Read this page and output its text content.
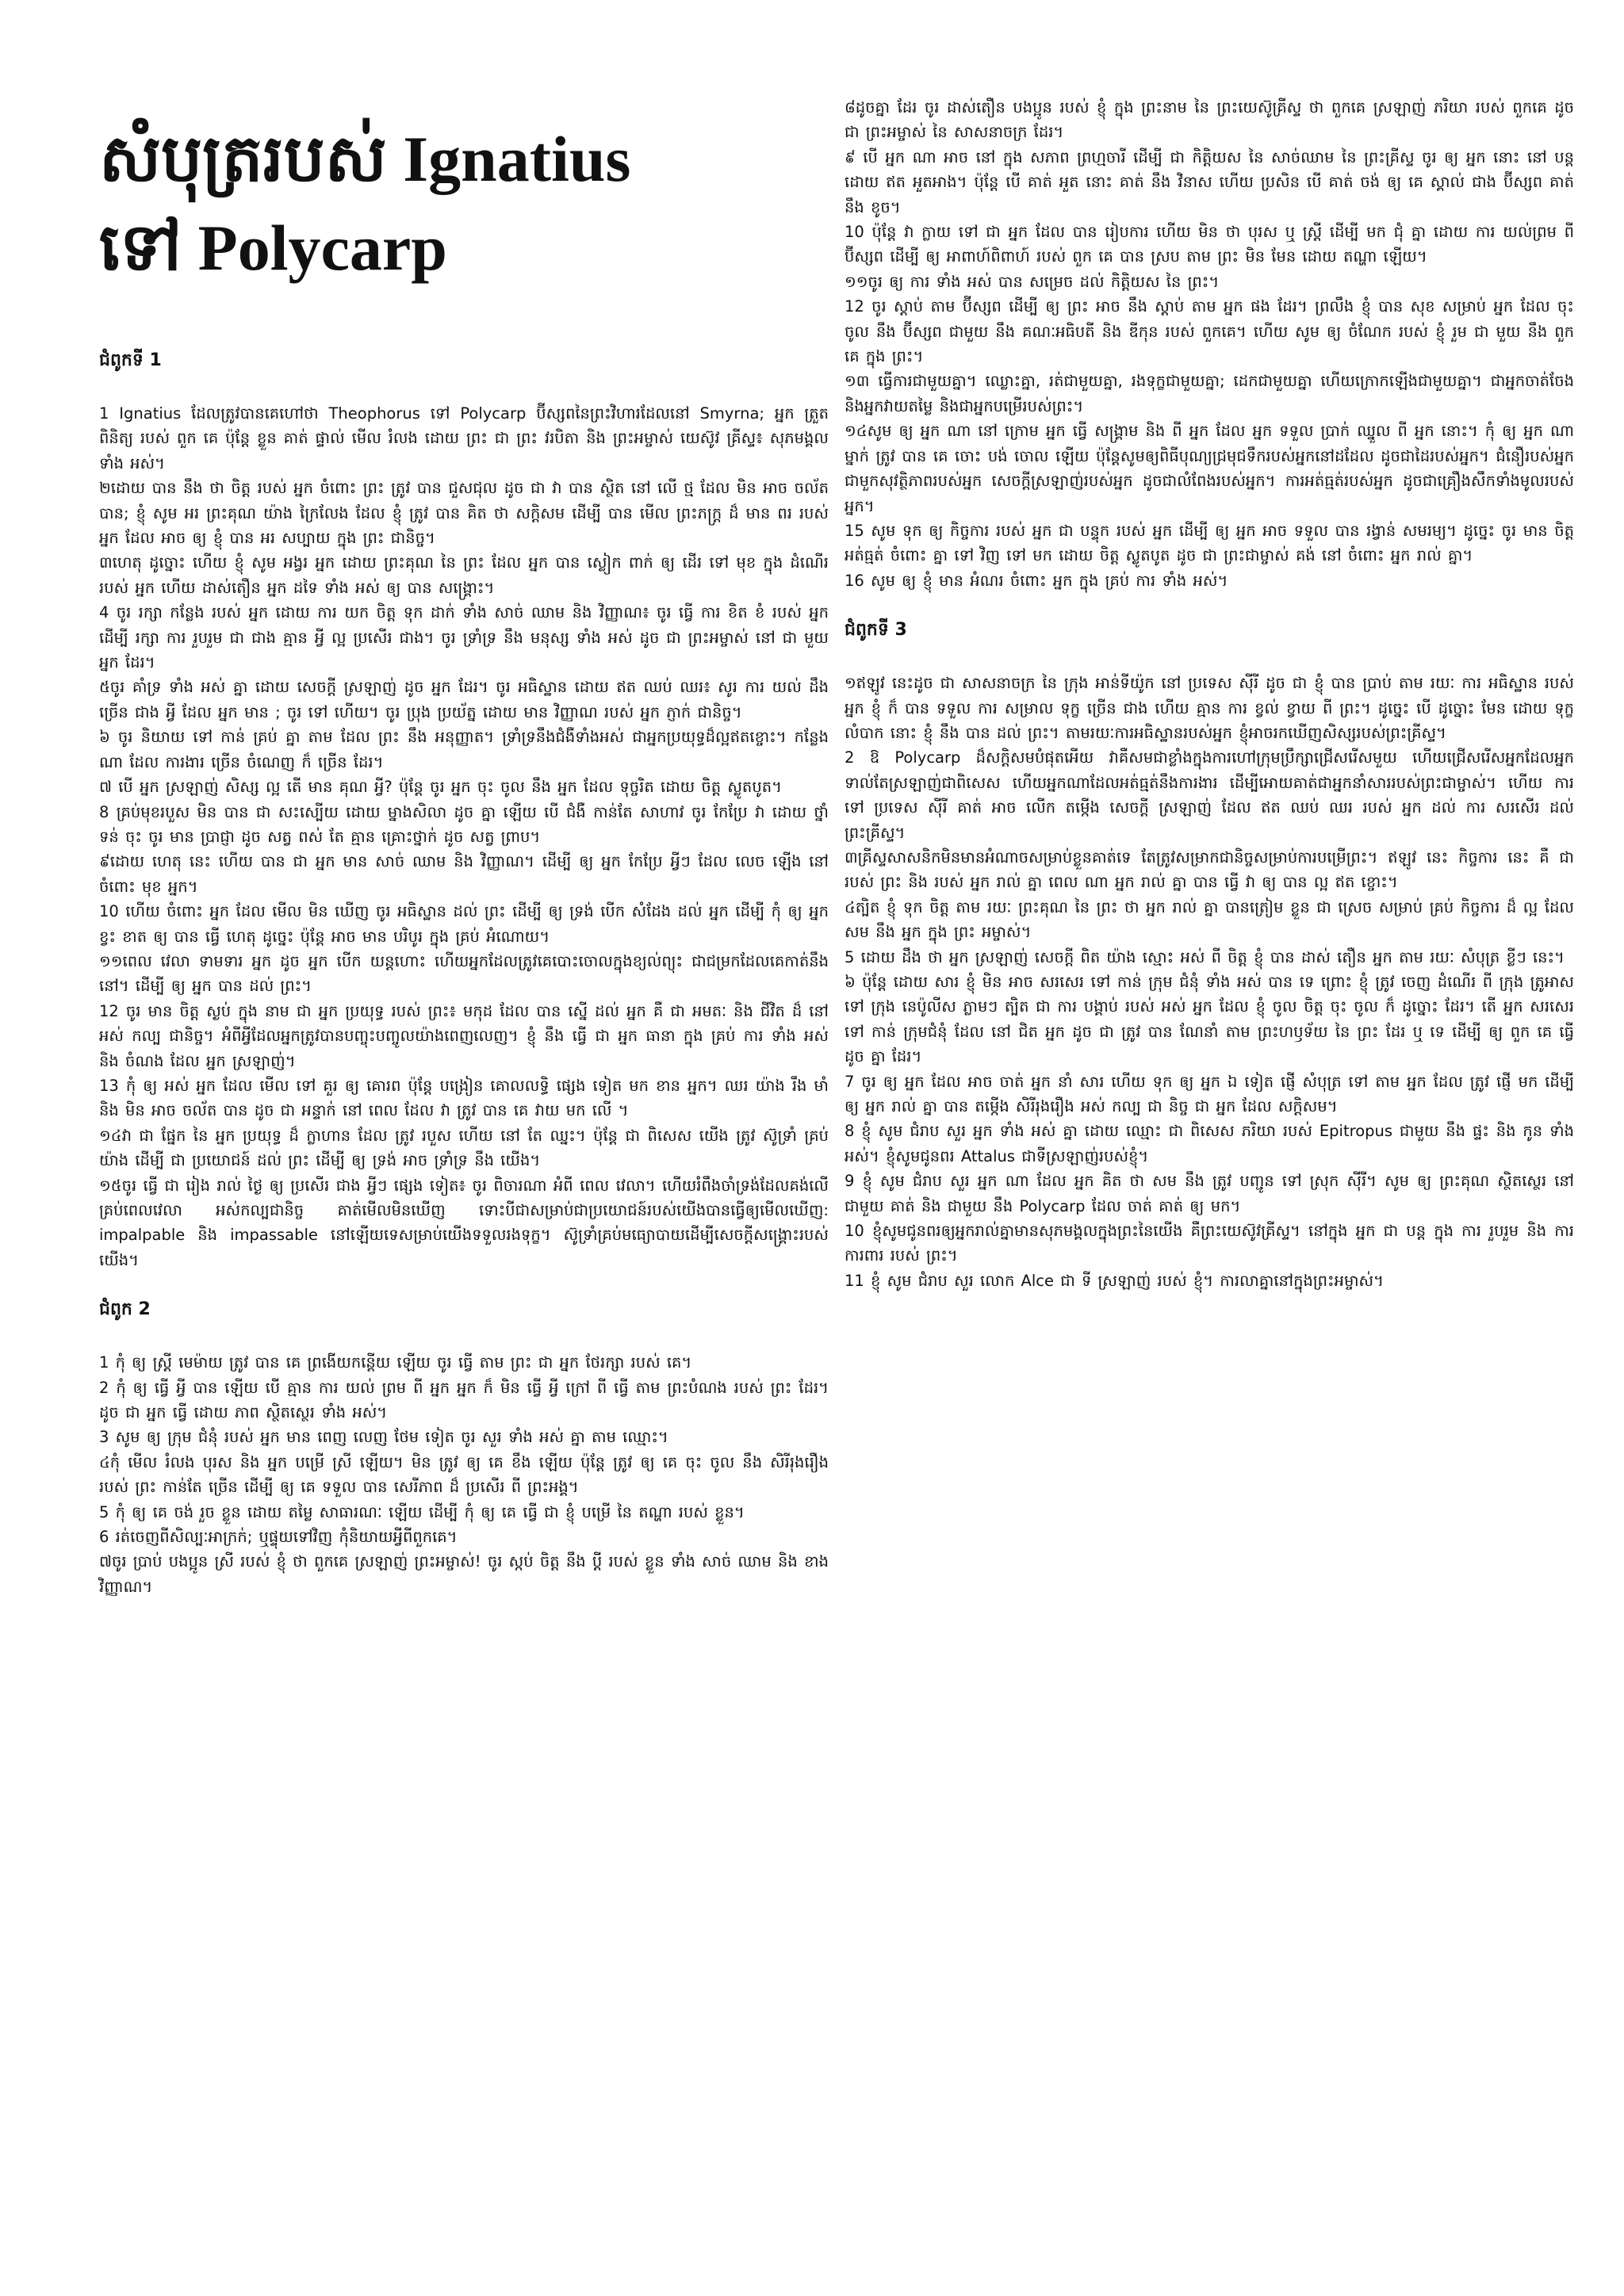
សំបុត្ររបស់ Ignatius
ទៅ Polycarp
ជំពូកទី 1

1 Ignatius ដែលត្រូវបានគេហៅថា Theophorus ទៅ Polycarp ប៊ីស្សពនៃព្រះវិហារដែលនៅ Smyrna; អ្នក ត្រួត ពិនិត្យ របស់ ពួក គេ ប៉ុន្តែ ខ្លួន គាត់ ផ្ទាល់ មើល រំលង ដោយ ព្រះ ជា ព្រះ វរបិតា និង ព្រះអម្ចាស់ យេស៊ូវ គ្រីស្ទ៖ សុភមង្គល ទាំង អស់។

២ដោយ បាន នឹង ថា ចិត្ត របស់ អ្នក ចំពោះ ព្រះ ត្រូវ បាន ជួសជុល ដូច ជា វា បាន ស្ថិត នៅ លើ ថ្ម ដែល មិន អាច ចល័ត បាន; ខ្ញុំ សូម អរ ព្រះគុណ យ៉ាង ក្រៃលែង ដែល ខ្ញុំ ត្រូវ បាន គិត ថា សក្តិសម ដើម្បី បាន មើល ព្រះភក្ត្រ ដ៏ មាន ពរ របស់ អ្នក ដែល អាច ឲ្យ ខ្ញុំ បាន អរ សប្បាយ ក្នុង ព្រះ ជានិច្ច។

៣ហេតុ ដូច្នោះ ហើយ ខ្ញុំ សូម អង្វរ អ្នក ដោយ ព្រះគុណ នៃ ព្រះ ដែល អ្នក បាន ស្លៀក ពាក់ ឲ្យ ដើរ ទៅ មុខ ក្នុង ដំណើរ របស់ អ្នក ហើយ ដាស់តឿន អ្នក ដទៃ ទាំង អស់ ឲ្យ បាន សង្គ្រោះ។

4 ចូរ រក្សា កន្លែង របស់ អ្នក ដោយ ការ យក ចិត្ត ទុក ដាក់ ទាំង សាច់ ឈាម និង វិញ្ញាណ៖ ចូរ ធ្វើ ការ ខិត ខំ របស់ អ្នក ដើម្បី រក្សា ការ រួបរួម ជា ជាង គ្មាន អ្វី ល្អ ប្រសើរ ជាង។ ចូរ ទ្រាំទ្រ នឹង មនុស្ស ទាំង អស់ ដូច ជា ព្រះអម្ចាស់ នៅ ជា មួយ អ្នក ដែរ។

៥ចូរ គាំទ្រ ទាំង អស់ គ្នា ដោយ សេចក្តី ស្រឡាញ់ ដូច អ្នក ដែរ។ ចូរ អធិស្ឋាន ដោយ ឥត ឈប់ ឈរ៖ សូរ ការ យល់ ដឹង ច្រើន ជាង អ្វី ដែល អ្នក មាន ; ចូរ ទៅ ហើយ។ ចូរ ប្រុង ប្រយ័ត្ន ដោយ មាន វិញ្ញាណ របស់ អ្នក ភ្ញាក់ ជានិច្ច។

៦ ចូរ និយាយ ទៅ កាន់ គ្រប់ គ្នា តាម ដែល ព្រះ នឹង អនុញ្ញាត។ ទ្រាំទ្រនឹងជំងឺទាំងអស់ ជាអ្នកប្រយុទ្ធដ៏ល្អឥតខ្ចោះ។ កន្លែង ណា ដែល ការងារ ច្រើន ចំណេញ ក៏ ច្រើន ដែរ។

៧ បើ អ្នក ស្រឡាញ់ សិស្ស ល្អ តើ មាន គុណ អ្វី? ប៉ុន្តែ ចូរ អ្នក ចុះ ចូល នឹង អ្នក ដែល ទុច្ចរិត ដោយ ចិត្ត ស្លូតបូត។

8 គ្រប់មុខរបួស មិន បាន ជា សះស្បើយ ដោយ ម្នាងសិលា ដូច គ្នា ឡើយ បើ ជំងឺ កាន់តែ សាហាវ ចូរ កែប្រែ វា ដោយ ថ្នាំ ទន់ ចុះ ចូរ មាន ប្រាជ្ញា ដូច សត្វ ពស់ តែ គ្មាន គ្រោះថ្នាក់ ដូច សត្វ ព្រាប។

៩ដោយ ហេតុ នេះ ហើយ បាន ជា អ្នក មាន សាច់ ឈាម និង វិញ្ញាណ។ ដើម្បី ឲ្យ អ្នក កែប្រែ អ្វីៗ ដែល លេច ឡើង នៅ ចំពោះ មុខ អ្នក។

10 ហើយ ចំពោះ អ្នក ដែល មើល មិន ឃើញ ចូរ អធិស្ឋាន ដល់ ព្រះ ដើម្បី ឲ្យ ទ្រង់ បើក សំដែង ដល់ អ្នក ដើម្បី កុំ ឲ្យ អ្នក ខ្វះ ខាត ឲ្យ បាន ធ្វើ ហេតុ ដូច្នេះ ប៉ុន្តែ អាច មាន បរិបូរ ក្នុង គ្រប់ អំណោយ។

១១ពេល វេលា ទាមទារ អ្នក ដូច អ្នក បើក យន្តហោះ ហើយអ្នកដែលត្រូវគេបោះចោលក្នុងខ្យល់ព្យុះ ជាជម្រកដែលគេកាត់នឹងនៅ។ ដើម្បី ឲ្យ អ្នក បាន ដល់ ព្រះ។

12 ចូរ មាន ចិត្ត ស្ងប់ ក្នុង នាម ជា អ្នក ប្រយុទ្ធ របស់ ព្រះ៖ មកុដ ដែល បាន ស្នើ ដល់ អ្នក គឺ ជា អមតៈ និង ជីវិត ដ៏ នៅ អស់ កល្ប ជានិច្ច។ អំពីអ្វីដែលអ្នកត្រូវបានបញ្ចុះបញ្ចូលយ៉ាងពេញលេញ។ ខ្ញុំ នឹង ធ្វើ ជា អ្នក ធានា ក្នុង គ្រប់ ការ ទាំង អស់ និង ចំណង ដែល អ្នក ស្រឡាញ់។

13 កុំ ឲ្យ អស់ អ្នក ដែល មើល ទៅ គួរ ឲ្យ គោរព ប៉ុន្តែ បង្រៀន គោលលទ្ធិ ផ្សេង ទៀត មក ខាន អ្នក។ ឈរ យ៉ាង រឹង មាំ និង មិន អាច ចល័ត បាន ដូច ជា អន្ទាក់ នៅ ពេល ដែល វា ត្រូវ បាន គេ វាយ មក លើ ។

១៤វា ជា ផ្នែក នៃ អ្នក ប្រយុទ្ធ ដ៏ ក្លាហាន ដែល ត្រូវ របួស ហើយ នៅ តែ ឈ្នះ។ ប៉ុន្តែ ជា ពិសេស យើង ត្រូវ ស៊ូទ្រាំ គ្រប់ យ៉ាង ដើម្បី ជា ប្រយោជន៍ ដល់ ព្រះ ដើម្បី ឲ្យ ទ្រង់ អាច ទ្រាំទ្រ នឹង យើង។

១៥ចូរ ធ្វើ ជា រៀង រាល់ ថ្ងៃ ឲ្យ ប្រសើរ ជាង អ្វីៗ ផ្សេង ទៀត៖ ចូរ ពិចារណា អំពី ពេល វេលា។ ហើយរំពឹងចាំទ្រង់ដែលគង់លើគ្រប់ពេលវេលា អស់កល្បជានិច្ច គាត់មើលមិនឃើញ ទោះបីជាសម្រាប់ជាប្រយោជន៍របស់យើងបានធ្វើឲ្យមើលឃើញ: impalpable និង impassable នៅឡើយទេសម្រាប់យើងទទួលរងទុក្ខ។ ស៊ូទ្រាំគ្រប់មធ្យោបាយដើម្បីសេចក្តីសង្គ្រោះរបស់យើង។

ជំពូក 2

1 កុំ ឲ្យ ស្ត្រី មេម៉ាយ ត្រូវ បាន គេ ព្រងើយកន្តើយ ឡើយ ចូរ ធ្វើ តាម ព្រះ ជា អ្នក ថែរក្សា របស់ គេ។

2 កុំ ឲ្យ ធ្វើ អ្វី បាន ឡើយ បើ គ្មាន ការ យល់ ព្រម ពី អ្នក អ្នក ក៏ មិន ធ្វើ អ្វី ក្រៅ ពី ធ្វើ តាម ព្រះបំណង របស់ ព្រះ ដែរ។ ដូច ជា អ្នក ធ្វើ ដោយ ភាព ស្ថិតស្ថេរ ទាំង អស់។

3 សូម ឲ្យ ក្រុម ជំនុំ របស់ អ្នក មាន ពេញ លេញ ថែម ទៀត ចូរ សួរ ទាំង អស់ គ្នា តាម ឈ្មោះ។

៤កុំ មើល រំលង បុរស និង អ្នក បម្រើ ស្រី ឡើយ។ មិន ត្រូវ ឲ្យ គេ ខឹង ឡើយ ប៉ុន្តែ ត្រូវ ឲ្យ គេ ចុះ ចូល នឹង សិរីរុងរឿង របស់ ព្រះ កាន់តែ ច្រើន ដើម្បី ឲ្យ គេ ទទួល បាន សេរីភាព ដ៏ ប្រសើរ ពី ព្រះអង្គ។

5 កុំ ឲ្យ គេ ចង់ រួច ខ្លួន ដោយ តម្លៃ សាធារណៈ ឡើយ ដើម្បី កុំ ឲ្យ គេ ធ្វើ ជា ខ្ញុំ បម្រើ នៃ តណ្ហា របស់ ខ្លួន។

6 រត់ចេញពីសិល្បៈអាក្រក់; ឬផ្ទុយទៅវិញ កុំនិយាយអ្វីពីពួកគេ។

៧ចូរ ប្រាប់ បងប្អូន ស្រី របស់ ខ្ញុំ ថា ពួកគេ ស្រឡាញ់ ព្រះអម្ចាស់! ចូរ ស្កប់ ចិត្ត នឹង ប្តី របស់ ខ្លួន ទាំង សាច់ ឈាម និង ខាង វិញ្ញាណ។

៨ដូចគ្នា ដែរ ចូរ ដាស់តឿន បងប្អូន របស់ ខ្ញុំ ក្នុង ព្រះនាម នៃ ព្រះយេស៊ូគ្រីស្ទ ថា ពួកគេ ស្រឡាញ់ ភរិយា របស់ ពួកគេ ដូច ជា ព្រះអម្ចាស់ នៃ សាសនាចក្រ ដែរ។

៩ បើ អ្នក ណា អាច នៅ ក្នុង សភាព ព្រហ្មចារី ដើម្បី ជា កិត្តិយស នៃ សាច់ឈាម នៃ ព្រះគ្រីស្ទ ចូរ ឲ្យ អ្នក នោះ នៅ បន្ត ដោយ ឥត អួតអាង។ ប៉ុន្តែ បើ គាត់ អួត នោះ គាត់ នឹង វិនាស ហើយ ប្រសិន បើ គាត់ ចង់ ឲ្យ គេ ស្គាល់ ជាង ប៊ីស្សព គាត់ នឹង ខូច។

10 ប៉ុន្តែ វា ក្លាយ ទៅ ជា អ្នក ដែល បាន រៀបការ ហើយ មិន ថា បុរស ឬ ស្ត្រី ដើម្បី មក ជុំ គ្នា ដោយ ការ យល់ព្រម ពី ប៊ីស្សព ដើម្បី ឲ្យ អាពាហ៍ពិពាហ៍ របស់ ពួក គេ បាន ស្រប តាម ព្រះ មិន មែន ដោយ តណ្ហា ឡើយ។

១១ចូរ ឲ្យ ការ ទាំង អស់ បាន សម្រេច ដល់ កិត្តិយស នៃ ព្រះ។

12 ចូរ ស្តាប់ តាម ប៊ីស្សព ដើម្បី ឲ្យ ព្រះ អាច នឹង ស្តាប់ តាម អ្នក ផង ដែរ។ ព្រលឹង ខ្ញុំ បាន សុខ សម្រាប់ អ្នក ដែល ចុះចូល នឹង ប៊ីស្សព ជាមួយ នឹង គណៈអធិបតី និង ឌីកុន របស់ ពួកគេ។ ហើយ សូម ឲ្យ ចំណែក របស់ ខ្ញុំ រួម ជា មួយ នឹង ពួក គេ ក្នុង ព្រះ។

១៣ ធ្វើការជាមួយគ្នា។ ឈ្លោះគ្នា, រត់ជាមួយគ្នា, រងទុក្ខជាមួយគ្នា; ដេកជាមួយគ្នា ហើយក្រោកឡើងជាមួយគ្នា។ ជាអ្នកចាត់ចែង និងអ្នកវាយតម្លៃ និងជាអ្នកបម្រើរបស់ព្រះ។

១៤សូម ឲ្យ អ្នក ណា នៅ ក្រោម អ្នក ធ្វើ សង្គ្រាម និង ពី អ្នក ដែល អ្នក ទទួល ប្រាក់ ឈ្នួល ពី អ្នក នោះ។ កុំ ឲ្យ អ្នក ណា ម្នាក់ ត្រូវ បាន គេ ចោះ បង់ ចោល ឡើយ ប៉ុន្តែសូមឲ្យពិធីបុណ្យជ្រមុជទឹករបស់អ្នកនៅដដែល ដូចជាដៃរបស់អ្នក។ ជំនឿរបស់អ្នក ជាមួកសុវត្ថិភាពរបស់អ្នក សេចក្តីស្រឡាញ់របស់អ្នក ដូចជាលំពែងរបស់អ្នក។ ការអត់ធ្មត់របស់អ្នក ដូចជាគ្រឿងសឹកទាំងមូលរបស់អ្នក។

15 សូម ទុក ឲ្យ កិច្ចការ របស់ អ្នក ជា បន្ទុក របស់ អ្នក ដើម្បី ឲ្យ អ្នក អាច ទទួល បាន រង្វាន់ សមរម្យ។ ដូច្នេះ ចូរ មាន ចិត្ត អត់ធ្មត់ ចំពោះ គ្នា ទៅ វិញ ទៅ មក ដោយ ចិត្ត ស្លូតបូត ដូច ជា ព្រះជាម្ចាស់ គង់ នៅ ចំពោះ អ្នក រាល់ គ្នា។

16 សូម ឲ្យ ខ្ញុំ មាន អំណរ ចំពោះ អ្នក ក្នុង គ្រប់ ការ ទាំង អស់។

ជំពូកទី 3

១ឥឡូវ នេះដូច ជា សាសនាចក្រ នៃ ក្រុង អាន់ទីយ៉ូក នៅ ប្រទេស ស៊ីរី ដូច ជា ខ្ញុំ បាន ប្រាប់ តាម រយៈ ការ អធិស្ឋាន របស់ អ្នក ខ្ញុំ ក៏ បាន ទទួល ការ សម្រាល ទុក្ខ ច្រើន ជាង ហើយ គ្មាន ការ ខ្វល់ ខ្វាយ ពី ព្រះ។ ដូច្នេះ បើ ដូច្នោះ មែន ដោយ ទុក្ខ លំបាក នោះ ខ្ញុំ នឹង បាន ដល់ ព្រះ។ តាមរយៈការអធិស្ឋានរបស់អ្នក ខ្ញុំអាចរកឃើញសិស្សរបស់ព្រះគ្រីស្ទ។

2 ឱ Polycarp ដ៏សក្តិសមបំផុតអើយ វាគឺសមជាខ្លាំងក្នុងការហៅក្រុមប្រឹក្សាជ្រើសរើសមួយ ហើយជ្រើសរើសអ្នកដែលអ្នកទាល់តែស្រឡាញ់ជាពិសេស ហើយអ្នកណាដែលអត់ធ្មត់នឹងការងារ ដើម្បីអោយគាត់ជាអ្នកនាំសាររបស់ព្រះជាម្ចាស់។ ហើយ ការ ទៅ ប្រទេស ស៊ីរី គាត់ អាច លើក តម្កើង សេចក្តី ស្រឡាញ់ ដែល ឥត ឈប់ ឈរ របស់ អ្នក ដល់ ការ សរសើរ ដល់ ព្រះគ្រីស្ទ។

៣គ្រីស្ទសាសនិកមិនមានអំណាចសម្រាប់ខ្លួនគាត់ទេ តែត្រូវសម្រាកជានិច្ចសម្រាប់ការបម្រើព្រះ។ ឥឡូវ នេះ កិច្ចការ នេះ គឺ ជា របស់ ព្រះ និង របស់ អ្នក រាល់ គ្នា ពេល ណា អ្នក រាល់ គ្នា បាន ធ្វើ វា ឲ្យ បាន ល្អ ឥត ខ្ចោះ។

៤ត្បិត ខ្ញុំ ទុក ចិត្ត តាម រយៈ ព្រះគុណ នៃ ព្រះ ថា អ្នក រាល់ គ្នា បានត្រៀម ខ្លួន ជា ស្រេច សម្រាប់ គ្រប់ កិច្ចការ ដ៏ ល្អ ដែល សម នឹង អ្នក ក្នុង ព្រះ អម្ចាស់។

5 ដោយ ដឹង ថា អ្នក ស្រឡាញ់ សេចក្តី ពិត យ៉ាង ស្មោះ អស់ ពី ចិត្ត ខ្ញុំ បាន ដាស់ តឿន អ្នក តាម រយៈ សំបុត្រ ខ្លីៗ នេះ។

៦ ប៉ុន្តែ ដោយ សារ ខ្ញុំ មិន អាច សរសេរ ទៅ កាន់ ក្រុម ជំនុំ ទាំង អស់ បាន ទេ ព្រោះ ខ្ញុំ ត្រូវ ចេញ ដំណើរ ពី ក្រុង ត្រូអាស ទៅ ក្រុង នេប៉ូលីស ភ្លាមៗ ត្បិត ជា ការ បង្គាប់ របស់ អស់ អ្នក ដែល ខ្ញុំ ចូល ចិត្ត ចុះ ចូល ក៏ ដូច្នោះ ដែរ។ តើ អ្នក សរសេរ ទៅ កាន់ ក្រុមជំនុំ ដែល នៅ ជិត អ្នក ដូច ជា ត្រូវ បាន ណែនាំ តាម ព្រះហឫទ័យ នៃ ព្រះ ដែរ ឬ ទេ ដើម្បី ឲ្យ ពួក គេ ធ្វើ ដូច គ្នា ដែរ។

7 ចូរ ឲ្យ អ្នក ដែល អាច ចាត់ អ្នក នាំ សារ ហើយ ទុក ឲ្យ អ្នក ឯ ទៀត ផ្ញើ សំបុត្រ ទៅ តាម អ្នក ដែល ត្រូវ ផ្ញើ មក ដើម្បី ឲ្យ អ្នក រាល់ គ្នា បាន តម្កើង សិរីរុងរឿង អស់ កល្ប ជា និច្ច ជា អ្នក ដែល សក្តិសម។

8 ខ្ញុំ សូម ជំរាប សួរ អ្នក ទាំង អស់ គ្នា ដោយ ឈ្មោះ ជា ពិសេស ភរិយា របស់ Epitropus ជាមួយ នឹង ផ្ទះ និង កូន ទាំង អស់។ ខ្ញុំសូមជូនពរ Attalus ជាទីស្រឡាញ់របស់ខ្ញុំ។

9 ខ្ញុំ សូម ជំរាប សួរ អ្នក ណា ដែល អ្នក គិត ថា សម នឹង ត្រូវ បញ្ជូន ទៅ ស្រុក ស៊ីរី។ សូម ឲ្យ ព្រះគុណ ស្ថិតស្ថេរ នៅ ជាមួយ គាត់ និង ជាមួយ នឹង Polycarp ដែល ចាត់ គាត់ ឲ្យ មក។

10 ខ្ញុំសូមជូនពរឲ្យអ្នករាល់គ្នាមានសុភមង្គលក្នុងព្រះនៃយើង គឺព្រះយេស៊ូវគ្រីស្ទ។ នៅក្នុង អ្នក ជា បន្ត ក្នុង ការ រួបរួម និង ការ ការពារ របស់ ព្រះ។

11 ខ្ញុំ សូម ជំរាប សួរ លោក Alce ជា ទី ស្រឡាញ់ របស់ ខ្ញុំ។ ការលាគ្នានៅក្នុងព្រះអម្ចាស់។
